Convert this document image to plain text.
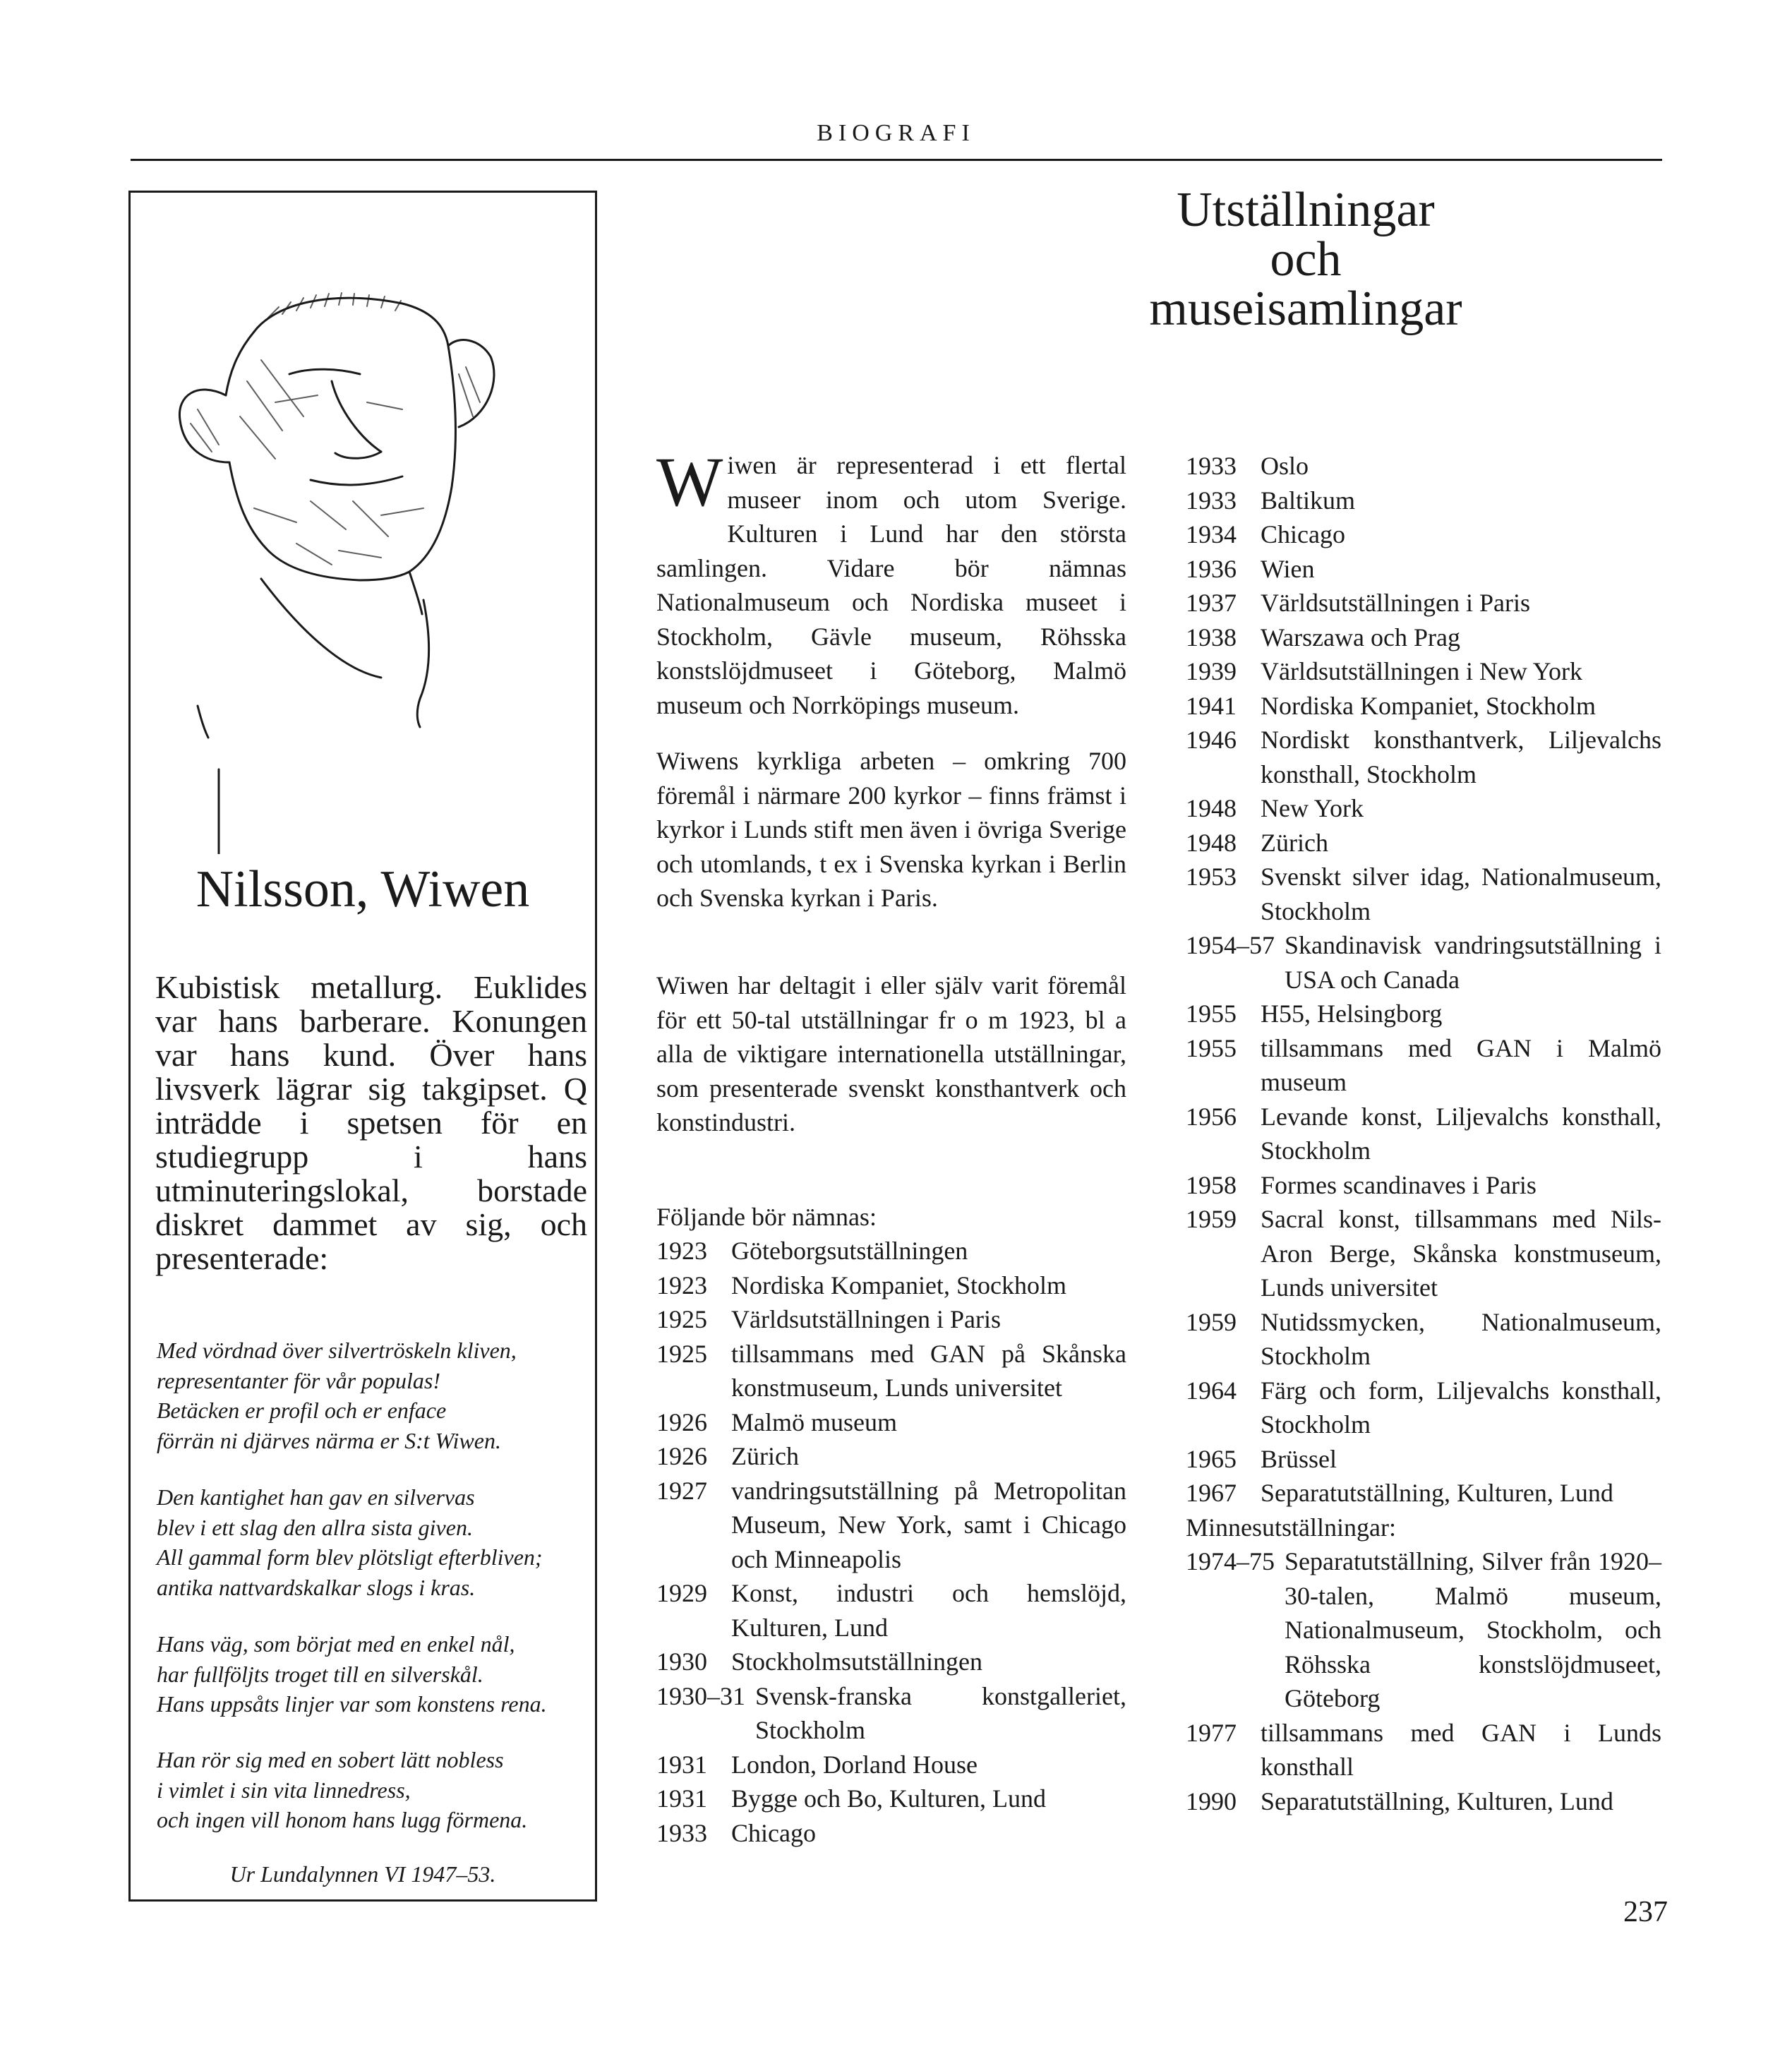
BIOGRAFI
Nilsson, Wiwen

Kubistisk metallurg. Euklides var hans barberare. Konungen var hans kund. Över hans livsverk lägrar sig takgipset. Q inträdde i spetsen för en studiegrupp i hans utminuteringslokal, borstade diskret dammet av sig, och presenterade:

Med vördnad över silvertröskeln kliven,
representanter för vår populas!
Betäcken er profil och er enface
förrän ni djärves närma er S:t Wiwen.
Den kantighet han gav en silvervas
blev i ett slag den allra sista given.
All gammal form blev plötsligt efterbliven;
antika nattvardskalkar slogs i kras.
Hans väg, som börjat med en enkel nål,
har fullföljts troget till en silverskål.
Hans uppsåts linjer var som konstens rena.
Han rör sig med en sobert lätt nobless
i vimlet i sin vita linnedress,
och ingen vill honom hans lugg förmena.
Ur Lundalynnen VI 1947–53.
Utställningar
och
museisamlingar

Wiwen är representerad i ett flertal museer inom och utom Sverige. Kulturen i Lund har den största samlingen. Vidare bör nämnas Nationalmuseum och Nordiska museet i Stockholm, Gävle museum, Röhsska konstslöjdmuseet i Göteborg, Malmö museum och Norrköpings museum.

Wiwens kyrkliga arbeten – omkring 700 föremål i närmare 200 kyrkor – finns främst i kyrkor i Lunds stift men även i övriga Sverige och utomlands, t ex i Svenska kyrkan i Berlin och Svenska kyrkan i Paris.

Wiwen har deltagit i eller själv varit föremål för ett 50-tal utställningar fr o m 1923, bl a alla de viktigare internationella utställningar, som presenterade svenskt konsthantverk och konstindustri.

Följande bör nämnas:
1923 Göteborgsutställningen
1923 Nordiska Kompaniet, Stockholm
1925 Världsutställningen i Paris
1925 tillsammans med GAN på Skånska konstmuseum, Lunds universitet
1926 Malmö museum
1926 Zürich
1927 vandringsutställning på Metropolitan Museum, New York, samt i Chicago och Minneapolis
1929 Konst, industri och hemslöjd, Kulturen, Lund
1930 Stockholmsutställningen
1930–31 Svensk-franska konstgalleriet, Stockholm
1931 London, Dorland House
1931 Bygge och Bo, Kulturen, Lund
1933 Chicago
1933 Oslo
1933 Baltikum
1934 Chicago
1936 Wien
1937 Världsutställningen i Paris
1938 Warszawa och Prag
1939 Världsutställningen i New York
1941 Nordiska Kompaniet, Stockholm
1946 Nordiskt konsthantverk, Liljevalchs konsthall, Stockholm
1948 New York
1948 Zürich
1953 Svenskt silver idag, Nationalmuseum, Stockholm
1954–57 Skandinavisk vandringsutställning i USA och Canada
1955 H55, Helsingborg
1955 tillsammans med GAN i Malmö museum
1956 Levande konst, Liljevalchs konsthall, Stockholm
1958 Formes scandinaves i Paris
1959 Sacral konst, tillsammans med Nils-Aron Berge, Skånska konstmuseum, Lunds universitet
1959 Nutidssmycken, Nationalmuseum, Stockholm
1964 Färg och form, Liljevalchs konsthall, Stockholm
1965 Brüssel
1967 Separatutställning, Kulturen, Lund
Minnesutställningar:
1974–75 Separatutställning, Silver från 1920–30-talen, Malmö museum, Nationalmuseum, Stockholm, och Röhsska konstslöjdmuseet, Göteborg
1977 tillsammans med GAN i Lunds konsthall
1990 Separatutställning, Kulturen, Lund
237
